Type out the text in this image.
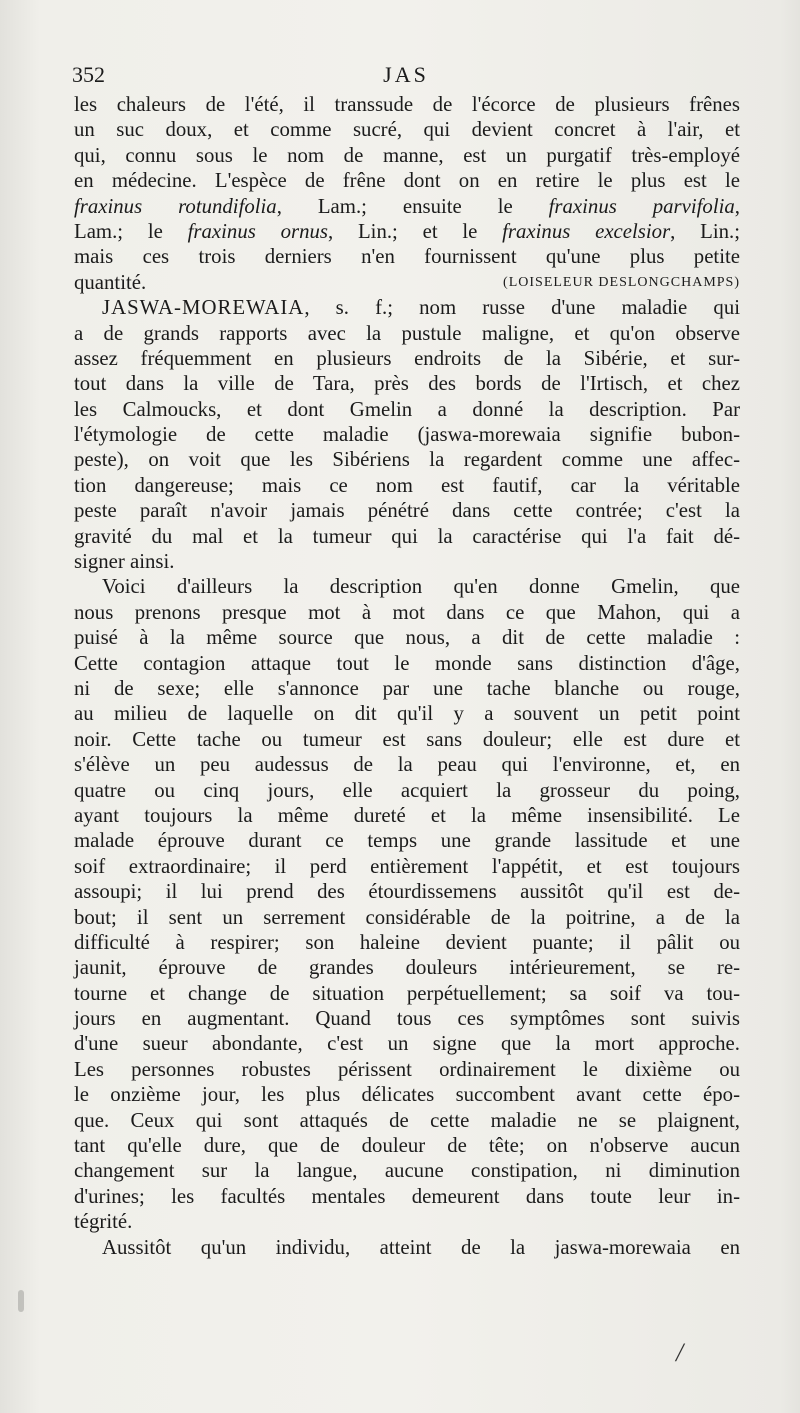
352	JAS
les chaleurs de l'été, il transsude de l'écorce de plusieurs frênes
un suc doux, et comme sucré, qui devient concret à l'air, et
qui, connu sous le nom de manne, est un purgatif très-employé
en médecine. L'espèce de frêne dont on en retire le plus est le
fraxinus rotundifolia, Lam.; ensuite le fraxinus parvifolia,
Lam.; le fraxinus ornus, Lin.; et le fraxinus excelsior, Lin.;
mais ces trois derniers n'en fournissent qu'une plus petite
quantité.	(LOISELEUR DESLONGCHAMPS)
JASWA-MOREWAIA, s. f.; nom russe d'une maladie qui
a de grands rapports avec la pustule maligne, et qu'on observe
assez fréquemment en plusieurs endroits de la Sibérie, et sur-
tout dans la ville de Tara, près des bords de l'Irtisch, et chez
les Calmoucks, et dont Gmelin a donné la description. Par
l'étymologie de cette maladie (jaswa-morewaia signifie bubon-
peste), on voit que les Sibériens la regardent comme une affec-
tion dangereuse; mais ce nom est fautif, car la véritable
peste paraît n'avoir jamais pénétré dans cette contrée; c'est la
gravité du mal et la tumeur qui la caractérise qui l'a fait dé-
signer ainsi.
Voici d'ailleurs la description qu'en donne Gmelin, que
nous prenons presque mot à mot dans ce que Mahon, qui a
puisé à la même source que nous, a dit de cette maladie :
Cette contagion attaque tout le monde sans distinction d'âge,
ni de sexe; elle s'annonce par une tache blanche ou rouge,
au milieu de laquelle on dit qu'il y a souvent un petit point
noir. Cette tache ou tumeur est sans douleur; elle est dure et
s'élève un peu audessus de la peau qui l'environne, et, en
quatre ou cinq jours, elle acquiert la grosseur du poing,
ayant toujours la même dureté et la même insensibilité. Le
malade éprouve durant ce temps une grande lassitude et une
soif extraordinaire; il perd entièrement l'appétit, et est toujours
assoupi; il lui prend des étourdissemens aussitôt qu'il est de-
bout; il sent un serrement considérable de la poitrine, a de la
difficulté à respirer; son haleine devient puante; il pâlit ou
jaunit, éprouve de grandes douleurs intérieurement, se re-
tourne et change de situation perpétuellement; sa soif va tou-
jours en augmentant. Quand tous ces symptômes sont suivis
d'une sueur abondante, c'est un signe que la mort approche.
Les personnes robustes périssent ordinairement le dixième ou
le onzième jour, les plus délicates succombent avant cette épo-
que. Ceux qui sont attaqués de cette maladie ne se plaignent,
tant qu'elle dure, que de douleur de tête; on n'observe aucun
changement sur la langue, aucune constipation, ni diminution
d'urines; les facultés mentales demeurent dans toute leur in-
tégrité.
Aussitôt qu'un individu, atteint de la jaswa-morewaia en
/
